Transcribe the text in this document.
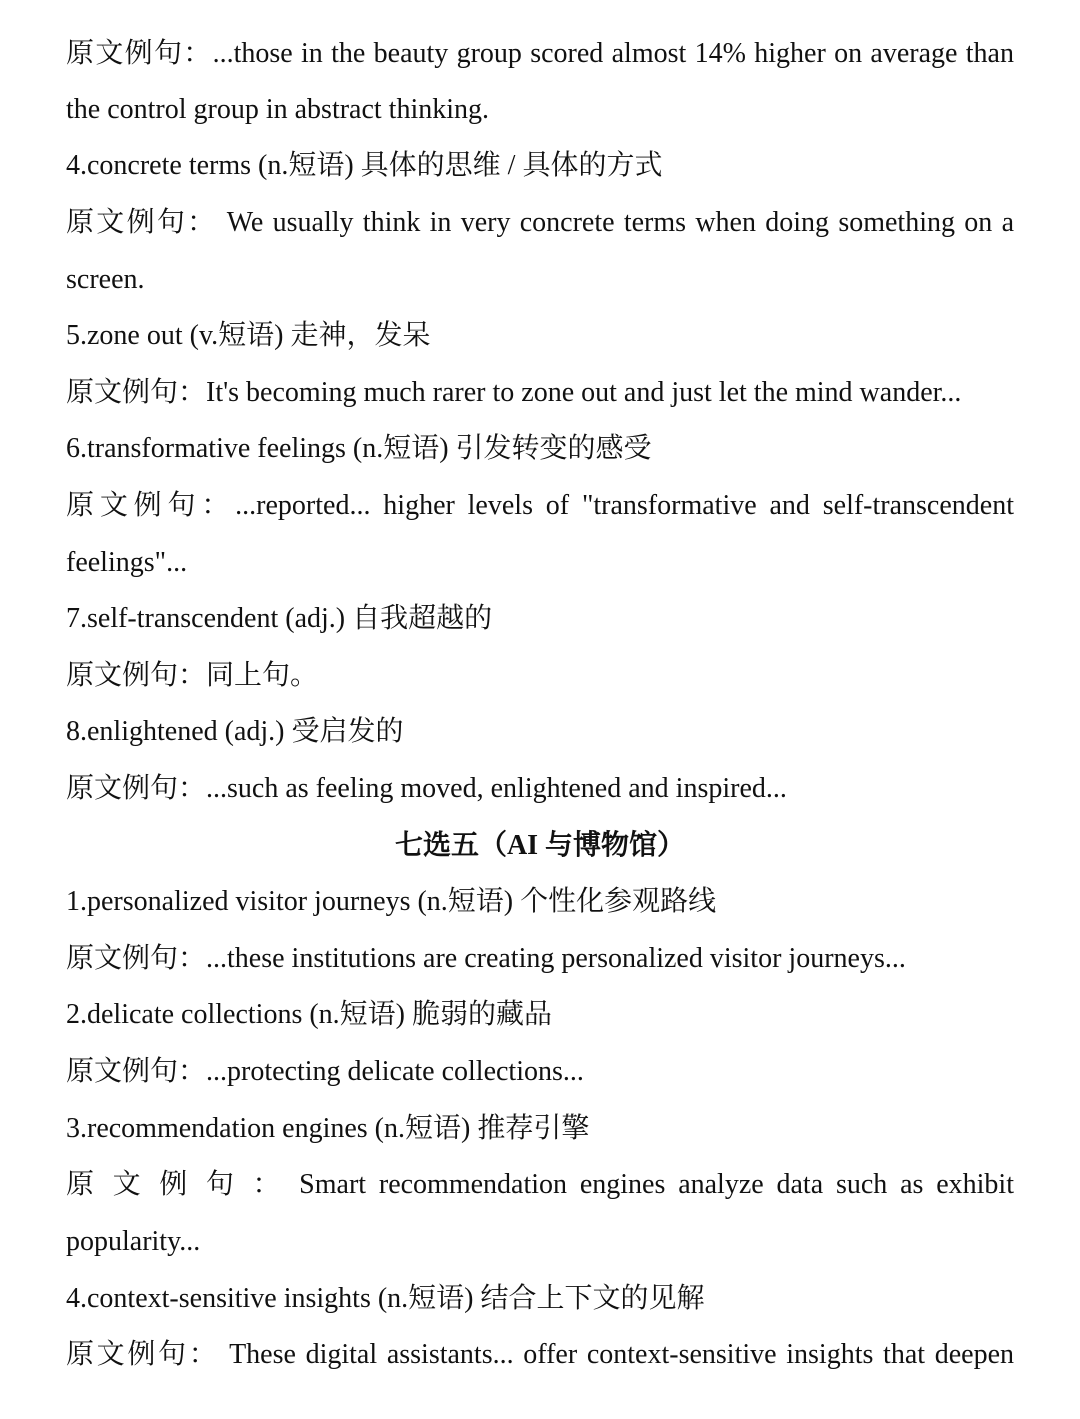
原文例句：...those in the beauty group scored almost 14% higher on average than
the control group in abstract thinking.
4.concrete terms (n.短语) 具体的思维 / 具体的方式
原文例句： We usually think in very concrete terms when doing something on a
screen.
5.zone out (v.短语) 走神，发呆
原文例句：It's becoming much rarer to zone out and just let the mind wander...
6.transformative feelings (n.短语) 引发转变的感受
原文例句：...reported... higher levels of "transformative and self-transcendent
feelings"...
7.self-transcendent (adj.) 自我超越的
原文例句：同上句。
8.enlightened (adj.) 受启发的
原文例句：...such as feeling moved, enlightened and inspired...
七选五（AI 与博物馆）
1.personalized visitor journeys (n.短语) 个性化参观路线
原文例句：...these institutions are creating personalized visitor journeys...
2.delicate collections (n.短语) 脆弱的藏品
原文例句：...protecting delicate collections...
3.recommendation engines (n.短语) 推荐引擎
原 文 例 句 ： Smart recommendation engines analyze data such as exhibit
popularity...
4.context-sensitive insights (n.短语) 结合上下文的见解
原文例句： These digital assistants... offer context-sensitive insights that deepen
